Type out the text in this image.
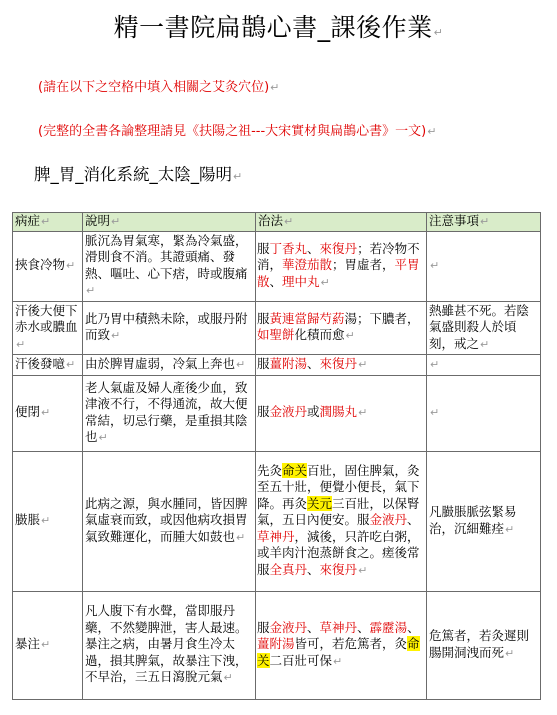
精一書院扁鵲心書_課後作業↵
(請在以下之空格中填入相關之艾灸穴位)↵
(完整的全書各論整理請見《扶陽之祖---大宋實材與扁鵲心書》一文)↵
脾_胃_消化系統_太陰_陽明↵
病症↵	說明↵	治法↵	注意事項↵
挾食冷物↵	脈沉為胃氣寒，緊為冷氣盛，滑則食不消。其證頭痛、發熱、嘔吐、心下痞，時或腹痛↵	服丁香丸、來復丹；若冷物不消，華澄茄散；胃虛者，平胃散、理中丸↵	↵
汗後大便下赤水或膿血↵	此乃胃中積熱未除，或服丹附而致↵	服黃連當歸芍葯湯；下膿者，如聖餅化積而愈↵	熱雖甚不死。若陰氣盛則殺人於頃刻，戒之↵
汗後發噫↵	由於脾胃虛弱，冷氣上奔也↵	服薑附湯、來復丹↵	↵
便閉↵	老人氣虛及婦人產後少血，致津液不行，不得通流，故大便常結，切忌行藥，是重損其陰也↵	服金液丹或潤腸丸↵	↵
臌脹↵	此病之源，與水腫同，皆因脾氣虛衰而致，或因他病攻損胃氣致難運化，而腫大如鼓也↵	先灸命关百壯，固住脾氣，灸至五十壯，便覺小便長，氣下降。再灸关元三百壯，以保腎氣，五日內便安。服金液丹、草神丹，減後，只許吃白粥，或羊肉汁泡蒸餅食之。瘥後常服全真丹、來復丹↵	凡臌脹脈弦緊易治，沉細難痊↵
暴注↵	凡人腹下有水聲，當即服丹藥，不然變脾泄，害人最速。暴注之病，由暑月食生冷太過，損其脾氣，故暴注下洩，不早治，三五日瀉脫元氣↵	服金液丹、草神丹、霹靂湯、薑附湯皆可，若危篤者，灸命关二百壯可保↵	危篤者，若灸遲則腸開洞洩而死↵
